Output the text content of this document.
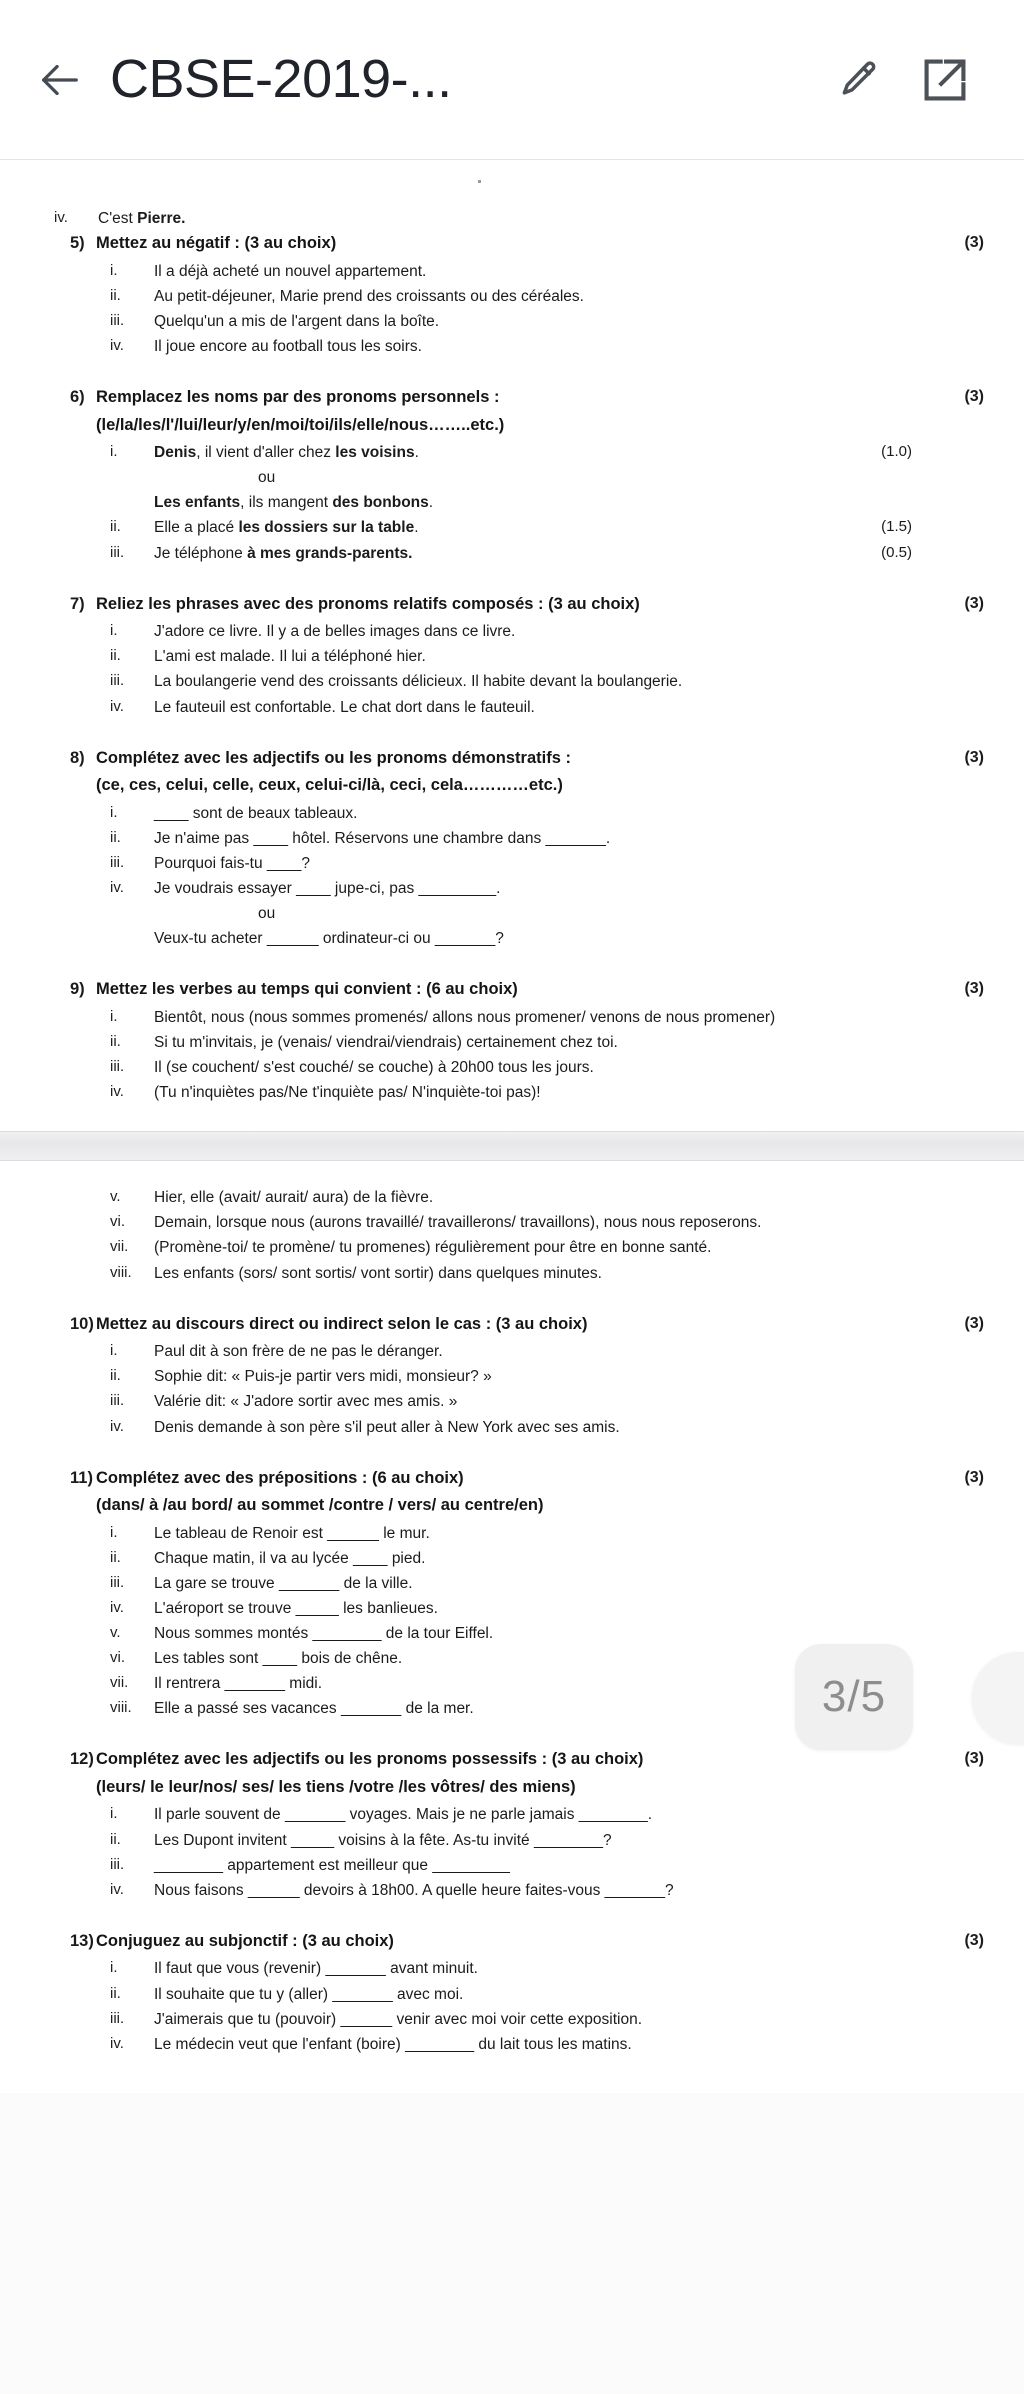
CBSE-2019-...
iv.	C'est Pierre.
5) Mettez au négatif : (3 au choix)
i.	Il a déjà acheté un nouvel appartement.
ii.	Au petit-déjeuner, Marie prend des croissants ou des céréales.
iii.	Quelqu'un a mis de l'argent dans la boîte.
iv.	Il joue encore au football tous les soirs.
(3)
6) Remplacez les noms par des pronoms personnels :
(le/la/les/l'/lui/leur/y/en/moi/toi/ils/elle/nous……..etc.)
i.	Denis, il vient d'aller chez les voisins.	(1.0)
ou
Les enfants, ils mangent des bonbons.
ii.	Elle a placé les dossiers sur la table.	(1.5)
iii.	Je téléphone à mes grands-parents.	(0.5)
(3)
7) Reliez les phrases avec des pronoms relatifs composés : (3 au choix)
i.	J'adore ce livre. Il y a de belles images dans ce livre.
ii.	L'ami est malade. Il lui a téléphoné hier.
iii.	La boulangerie vend des croissants délicieux. Il habite devant la boulangerie.
iv.	Le fauteuil est confortable. Le chat dort dans le fauteuil.
(3)
8) Complétez avec les adjectifs ou les pronoms démonstratifs :
(ce, ces, celui, celle, ceux, celui-ci/là, ceci, cela…………etc.)
i.	____ sont de beaux tableaux.
ii.	Je n'aime pas ____ hôtel. Réservons une chambre dans _______.
iii.	Pourquoi fais-tu ____?
iv.	Je voudrais essayer ____ jupe-ci, pas _________.
ou
Veux-tu acheter ______ ordinateur-ci ou _______?
(3)
9) Mettez les verbes au temps qui convient : (6 au choix)
i.	Bientôt, nous (nous sommes promenés/ allons nous promener/ venons de nous promener)
ii.	Si tu m'invitais, je (venais/ viendrai/viendrais) certainement chez toi.
iii.	Il (se couchent/ s'est couché/ se couche) à 20h00 tous les jours.
iv.	(Tu n'inquiètes pas/Ne t'inquiète pas/ N'inquiète-toi pas)!
(3)
v.	Hier, elle (avait/ aurait/ aura) de la fièvre.
vi.	Demain, lorsque nous (aurons travaillé/ travaillerons/ travaillons), nous nous reposerons.
vii.	(Promène-toi/ te promène/ tu promenes) régulièrement pour être en bonne santé.
viii.	Les enfants (sors/ sont sortis/ vont sortir) dans quelques minutes.
10) Mettez au discours direct ou indirect selon le cas : (3 au choix)
i.	Paul dit à son frère de ne pas le déranger.
ii.	Sophie dit: « Puis-je partir vers midi, monsieur? »
iii.	Valérie dit: « J'adore sortir avec mes amis. »
iv.	Denis demande à son père s'il peut aller à New York avec ses amis.
(3)
11) Complétez avec des prépositions : (6 au choix)
(dans/ à /au bord/ au sommet /contre / vers/ au centre/en)
i.	Le tableau de Renoir est ______ le mur.
ii.	Chaque matin, il va au lycée ____ pied.
iii.	La gare se trouve _______ de la ville.
iv.	L'aéroport se trouve _____ les banlieues.
v.	Nous sommes montés ________ de la tour Eiffel.
vi.	Les tables sont ____ bois de chêne.
vii.	Il rentrera _______ midi.
viii.	Elle a passé ses vacances _______ de la mer.
(3)
12) Complétez avec les adjectifs ou les pronoms possessifs : (3 au choix)
(leurs/ le leur/nos/ ses/ les tiens /votre /les vôtres/ des miens)
i.	Il parle souvent de _______ voyages. Mais je ne parle jamais ________.
ii.	Les Dupont invitent _____ voisins à la fête. As-tu invité ________?
iii.	________ appartement est meilleur que _________
iv.	Nous faisons ______ devoirs à 18h00. A quelle heure faites-vous _______?
(3)
13) Conjuguez au subjonctif : (3 au choix)
i.	Il faut que vous (revenir) _______ avant minuit.
ii.	Il souhaite que tu y (aller) _______ avec moi.
iii.	J'aimerais que tu (pouvoir) ______ venir avec moi voir cette exposition.
iv.	Le médecin veut que l'enfant (boire) ________ du lait tous les matins.
(3)
3/5
